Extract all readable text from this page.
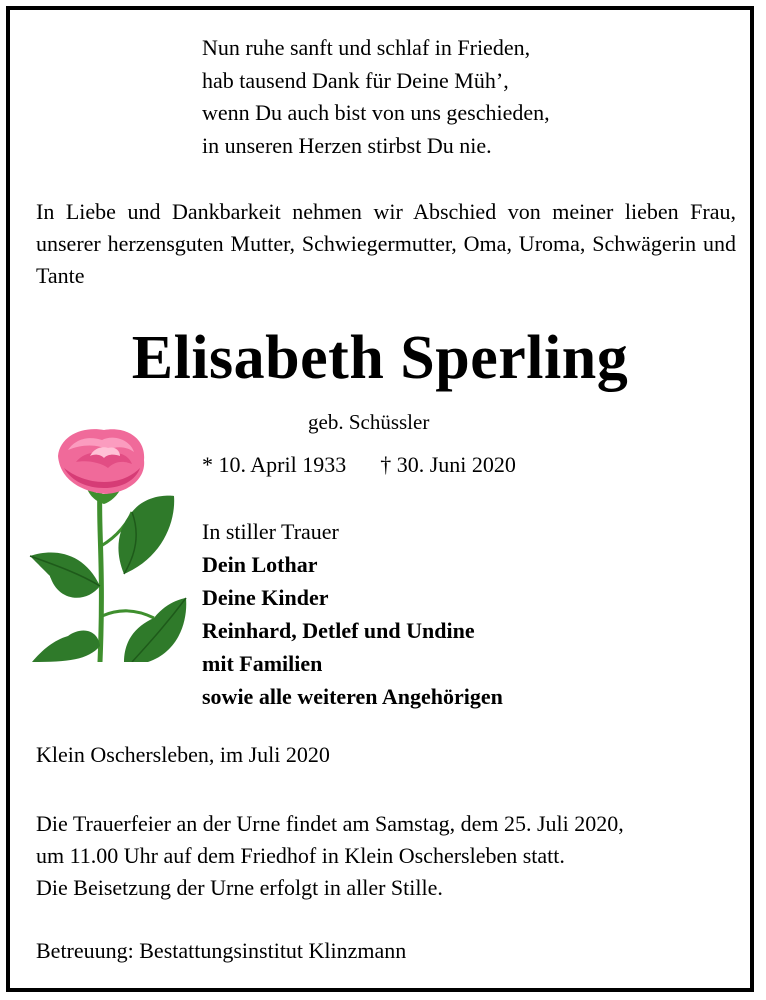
Nun ruhe sanft und schlaf in Frieden,
hab tausend Dank für Deine Müh’,
wenn Du auch bist von uns geschieden,
in unseren Herzen stirbst Du nie.
In Liebe und Dankbarkeit nehmen wir Abschied von meiner lieben Frau, unserer herzensguten Mutter, Schwiegermutter, Oma, Uroma, Schwägerin und Tante
Elisabeth Sperling
geb. Schüssler
* 10. April 1933 † 30. Juni 2020
In stiller Trauer
Dein Lothar
Deine Kinder
Reinhard, Detlef und Undine
mit Familien
sowie alle weiteren Angehörigen
Klein Oschersleben, im Juli 2020
Die Trauerfeier an der Urne findet am Samstag, dem 25. Juli 2020,
um 11.00 Uhr auf dem Friedhof in Klein Oschersleben statt.
Die Beisetzung der Urne erfolgt in aller Stille.
Betreuung: Bestattungsinstitut Klinzmann
